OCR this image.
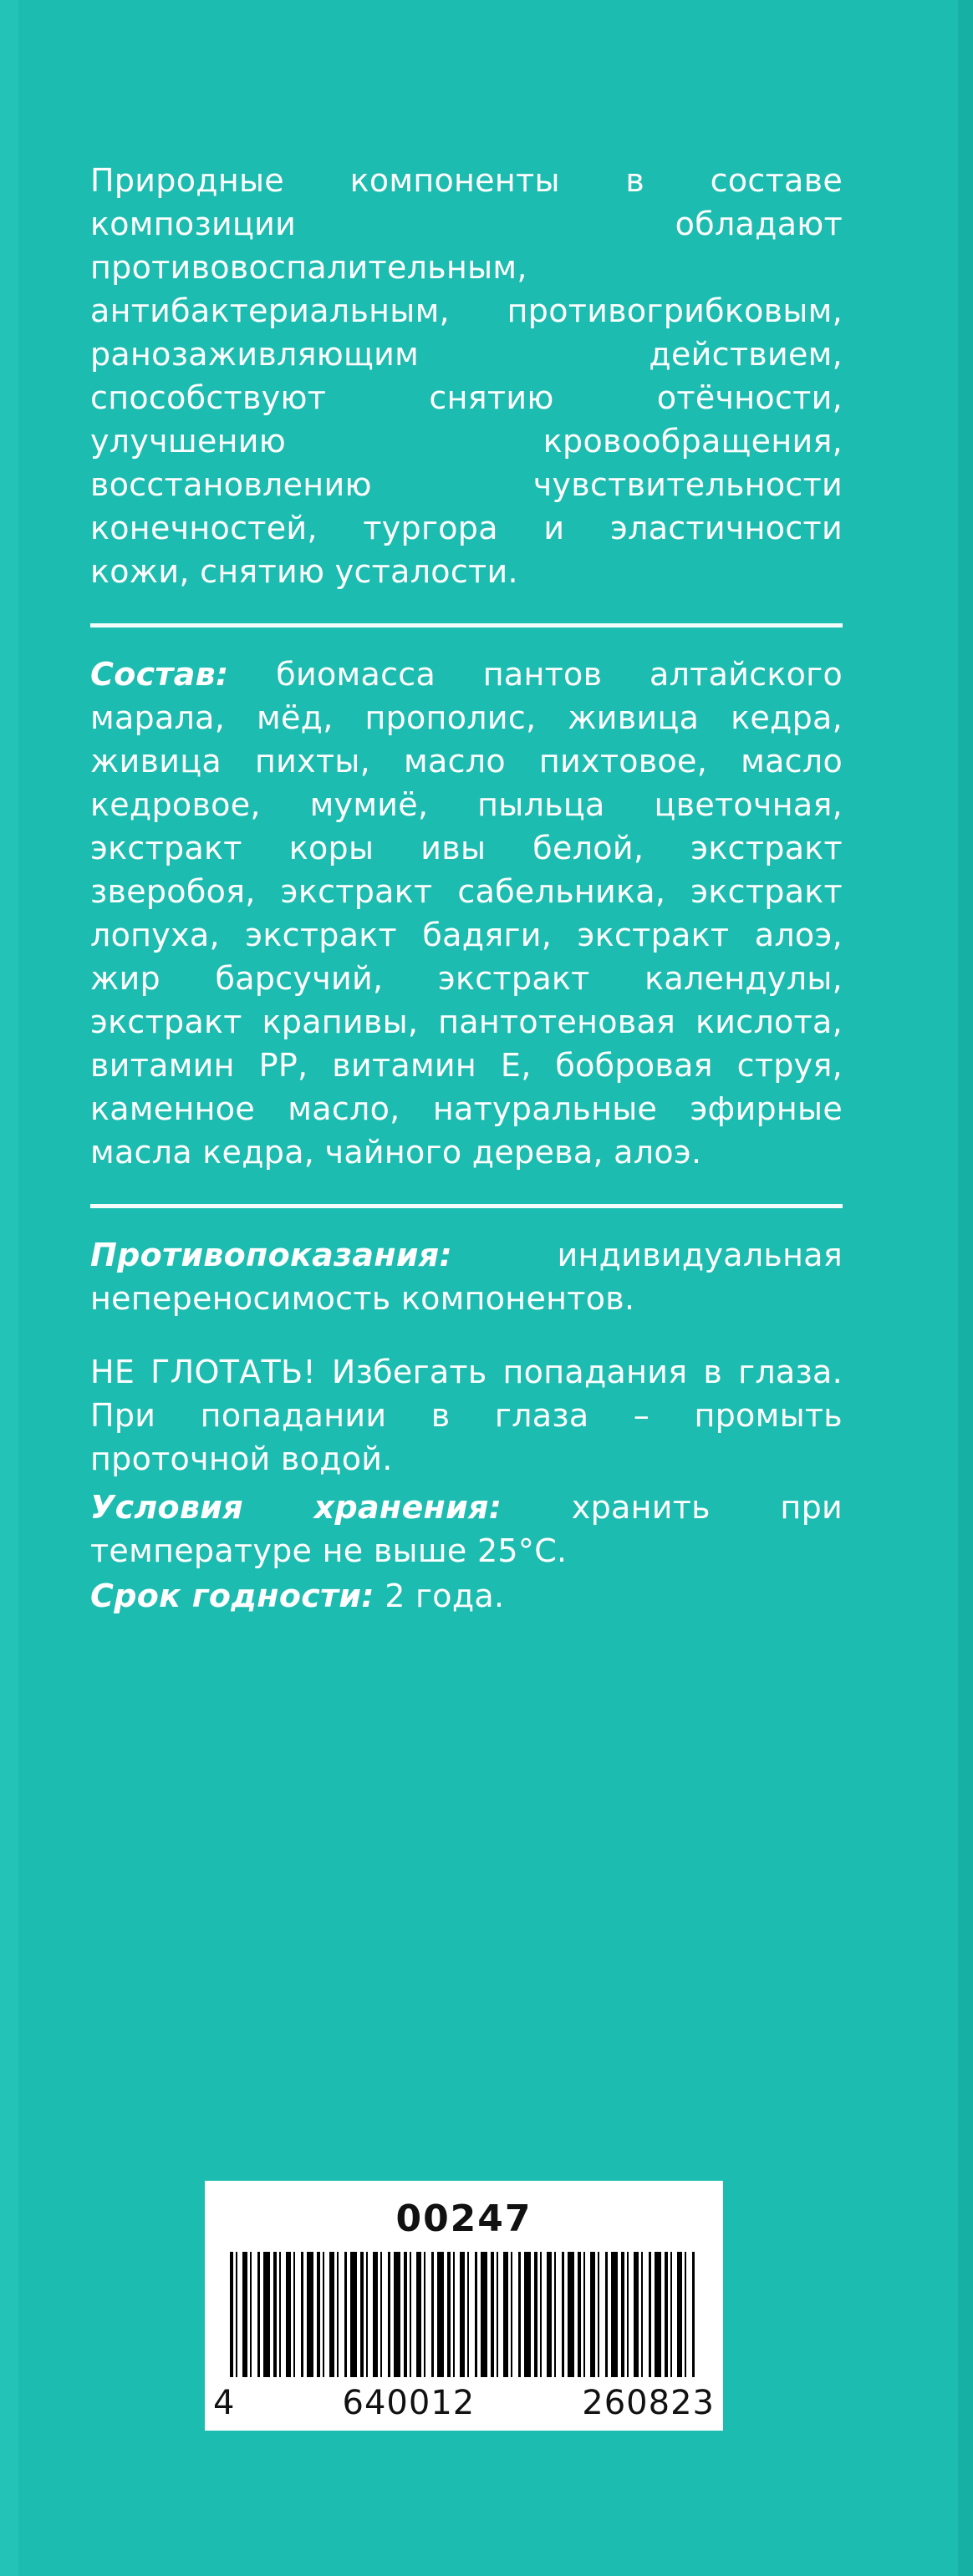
Природные компоненты в составе композиции обладают противовоспалительным, антибактериальным, противогрибковым, ранозаживляющим действием, способствуют снятию отёчности, улучшению кровообращения, восстановлению чувствительности конечностей, тургора и эластичности кожи, снятию усталости.

Состав: биомасса пантов алтайского марала, мёд, прополис, живица кедра, живица пихты, масло пихтовое, масло кедровое, мумиё, пыльца цветочная, экстракт коры ивы белой, экстракт зверобоя, экстракт сабельника, экстракт лопуха, экстракт бадяги, экстракт алоэ, жир барсучий, экстракт календулы, экстракт крапивы, пантотеновая кислота, витамин РР, витамин Е, бобровая струя, каменное масло, натуральные эфирные масла кедра, чайного дерева, алоэ.

Противопоказания: индивидуальная непереносимость компонентов.

НЕ ГЛОТАТЬ! Избегать попадания в глаза. При попадании в глаза – промыть проточной водой.

Условия хранения: хранить при температуре не выше 25°С.

Срок годности: 2 года.

00247
4	640012	260823
